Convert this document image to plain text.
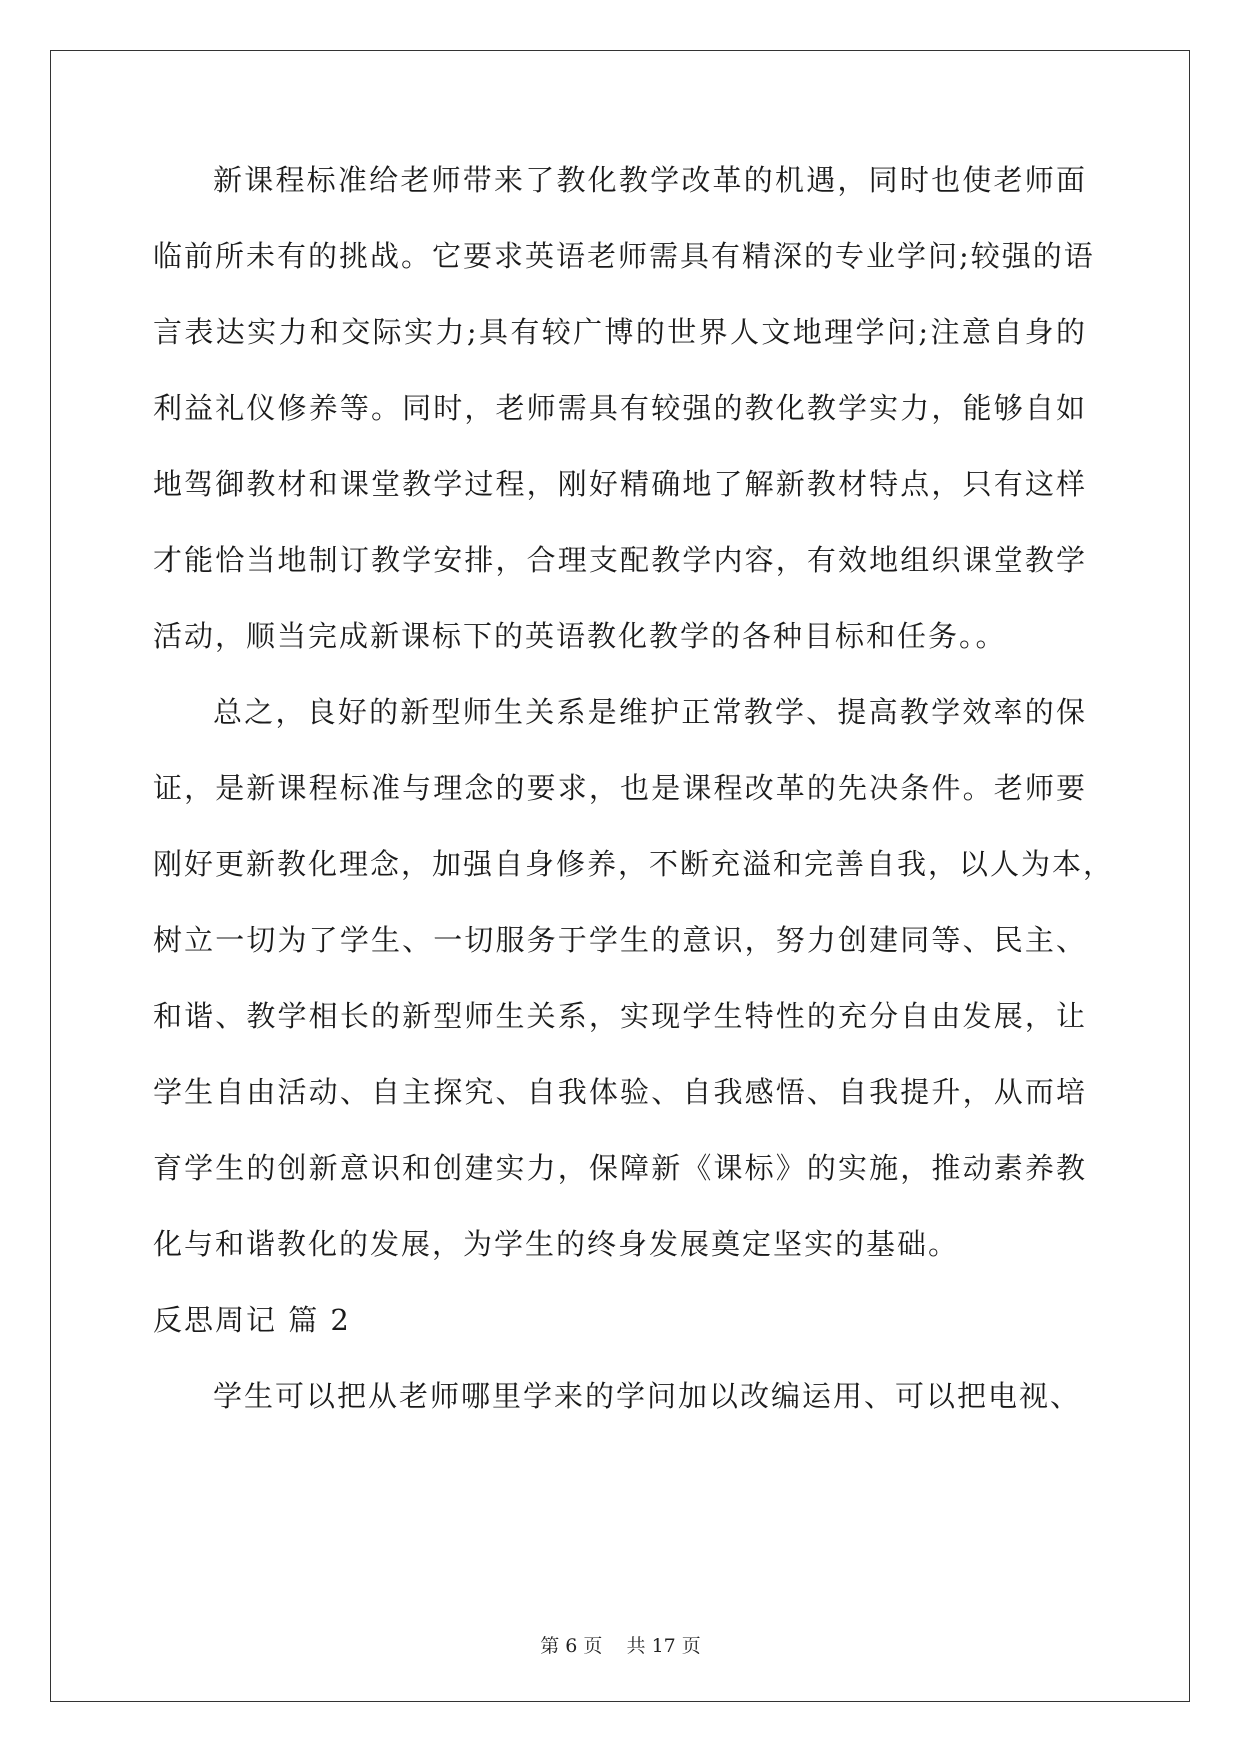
新课程标准给老师带来了教化教学改革的机遇，同时也使老师面
临前所未有的挑战。它要求英语老师需具有精深的专业学问;较强的语
言表达实力和交际实力;具有较广博的世界人文地理学问;注意自身的
利益礼仪修养等。同时，老师需具有较强的教化教学实力，能够自如
地驾御教材和课堂教学过程，刚好精确地了解新教材特点，只有这样
才能恰当地制订教学安排，合理支配教学内容，有效地组织课堂教学
活动，顺当完成新课标下的英语教化教学的各种目标和任务。。
总之，良好的新型师生关系是维护正常教学、提高教学效率的保
证，是新课程标准与理念的要求，也是课程改革的先决条件。老师要
刚好更新教化理念，加强自身修养，不断充溢和完善自我，以人为本，
树立一切为了学生、一切服务于学生的意识，努力创建同等、民主、
和谐、教学相长的新型师生关系，实现学生特性的充分自由发展，让
学生自由活动、自主探究、自我体验、自我感悟、自我提升，从而培
育学生的创新意识和创建实力，保障新《课标》的实施，推动素养教
化与和谐教化的发展，为学生的终身发展奠定坚实的基础。
反思周记 篇 2
学生可以把从老师哪里学来的学问加以改编运用、可以把电视、
第 6 页    共 17 页
